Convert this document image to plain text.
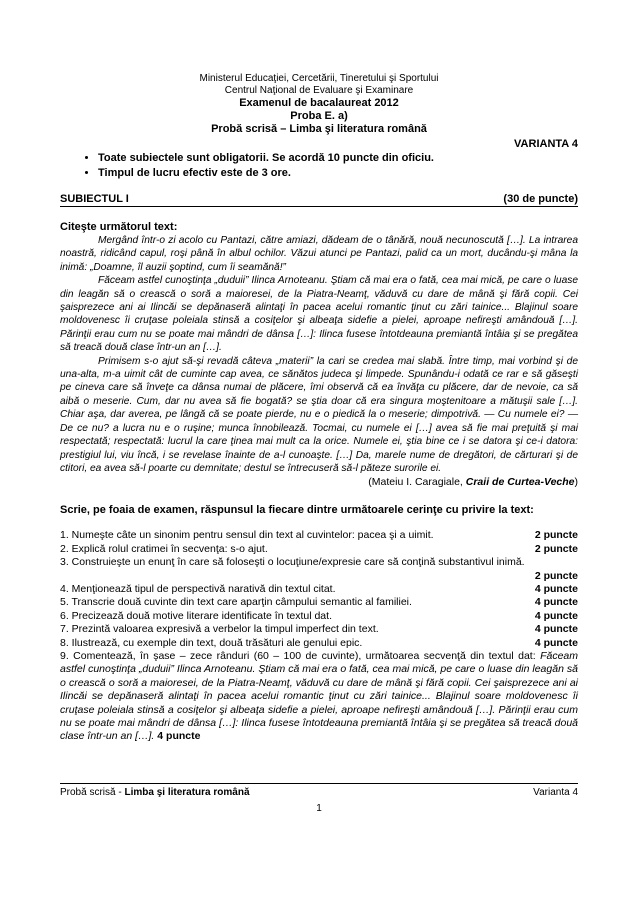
Ministerul Educaţiei, Cercetării, Tineretului şi Sportului
Centrul Naţional de Evaluare şi Examinare
Examenul de bacalaureat 2012
Proba E. a)
Probă scrisă – Limba şi literatura română
VARIANTA 4
• Toate subiectele sunt obligatorii. Se acordă 10 puncte din oficiu.
• Timpul de lucru efectiv este de 3 ore.
SUBIECTUL I	(30 de puncte)
Citeşte următorul text:

Mergând într-o zi acolo cu Pantazi, către amiazi, dădeam de o tânără, nouă necunoscută […]. La intrarea noastră, ridicând capul, roşi până în albul ochilor. Văzui atunci pe Pantazi, palid ca un mort, ducându-şi mâna la inimă: „Doamne, îl auzii şoptind, cum îi seamănă!”

Făceam astfel cunoştinţa „duduii” Ilinca Arnoteanu. Ştiam că mai era o fată, cea mai mică, pe care o luase din leagăn să o crească o soră a maioresei, de la Piatra-Neamţ, văduvă cu dare de mână şi fără copii. Cei şaisprezece ani ai Ilincăi se depănaseră alintaţi în pacea acelui romantic ţinut cu zări tainice... Blajinul soare moldovenesc îi cruţase poleiala stinsă a cosiţelor şi albeaţa sidefie a pielei, aproape nefireşti amândouă […]. Părinţii erau cum nu se poate mai mândri de dânsa […]: Ilinca fusese întotdeauna premiantă întâia şi se pregătea să treacă două clase într-un an […].

Primisem s-o ajut să-şi revadă câteva „materii” la cari se credea mai slabă. Între timp, mai vorbind şi de una-alta, m-a uimit cât de cuminte cap avea, ce sănătos judeca şi limpede. Spunându-i odată ce rar e să găseşti pe cineva care să înveţe ca dânsa numai de plăcere, îmi observă că ea învăţa cu plăcere, dar de nevoie, ca să aibă o meserie. Cum, dar nu avea să fie bogată? se ştia doar că era singura moştenitoare a mătuşii sale […]. Chiar aşa, dar averea, pe lângă că se poate pierde, nu e o piedică la o meserie; dimpotrivă. — Cu numele ei? — De ce nu? a lucra nu e o ruşine; munca înnobilează. Tocmai, cu numele ei […] avea să fie mai preţuită şi mai respectată; respectată: lucrul la care ţinea mai mult ca la orice. Numele ei, ştia bine ce i se datora şi ce-i datora: prestigiul lui, viu încă, i se revelase înainte de a-l cunoaşte. […] Da, marele nume de dregători, de cărturari şi de ctitori, ea avea să-l poarte cu demnitate; destul se întrecuseră să-l păteze surorile ei.

(Mateiu I. Caragiale, Craii de Curtea-Veche)
Scrie, pe foaia de examen, răspunsul la fiecare dintre următoarele cerinţe cu privire la text:
1. Numeşte câte un sinonim pentru sensul din text al cuvintelor: pacea şi a uimit.	2 puncte
2. Explică rolul cratimei în secvenţa: s-o ajut.	2 puncte
3. Construieşte un enunţ în care să foloseşti o locuţiune/expresie care să conţină substantivul inimă.
2 puncte
4. Menţionează tipul de perspectivă narativă din textul citat.	4 puncte
5. Transcrie două cuvinte din text care aparţin câmpului semantic al familiei.	4 puncte
6. Precizează două motive literare identificate în textul dat.	4 puncte
7. Prezintă valoarea expresivă a verbelor la timpul imperfect din text.	4 puncte
8. Ilustrează, cu exemple din text, două trăsături ale genului epic.	4 puncte
9. Comentează, în şase – zece rânduri (60 – 100 de cuvinte), următoarea secvenţă din textul dat: Făceam astfel cunoştinţa „duduii” Ilinca Arnoteanu. Ştiam că mai era o fată, cea mai mică, pe care o luase din leagăn să o crească o soră a maioresei, de la Piatra-Neamţ, văduvă cu dare de mână şi fără copii. Cei şaisprezece ani ai Ilincăi se depănaseră alintaţi în pacea acelui romantic ţinut cu zări tainice... Blajinul soare moldovenesc îi cruţase poleiala stinsă a cosiţelor şi albeaţa sidefie a pielei, aproape nefireşti amândouă […]. Părinţii erau cum nu se poate mai mândri de dânsa […]: Ilinca fusese întotdeauna premiantă întâia şi se pregătea să treacă două clase într-un an […]. 4 puncte
Probă scrisă - Limba şi literatura română	Varianta 4
1
